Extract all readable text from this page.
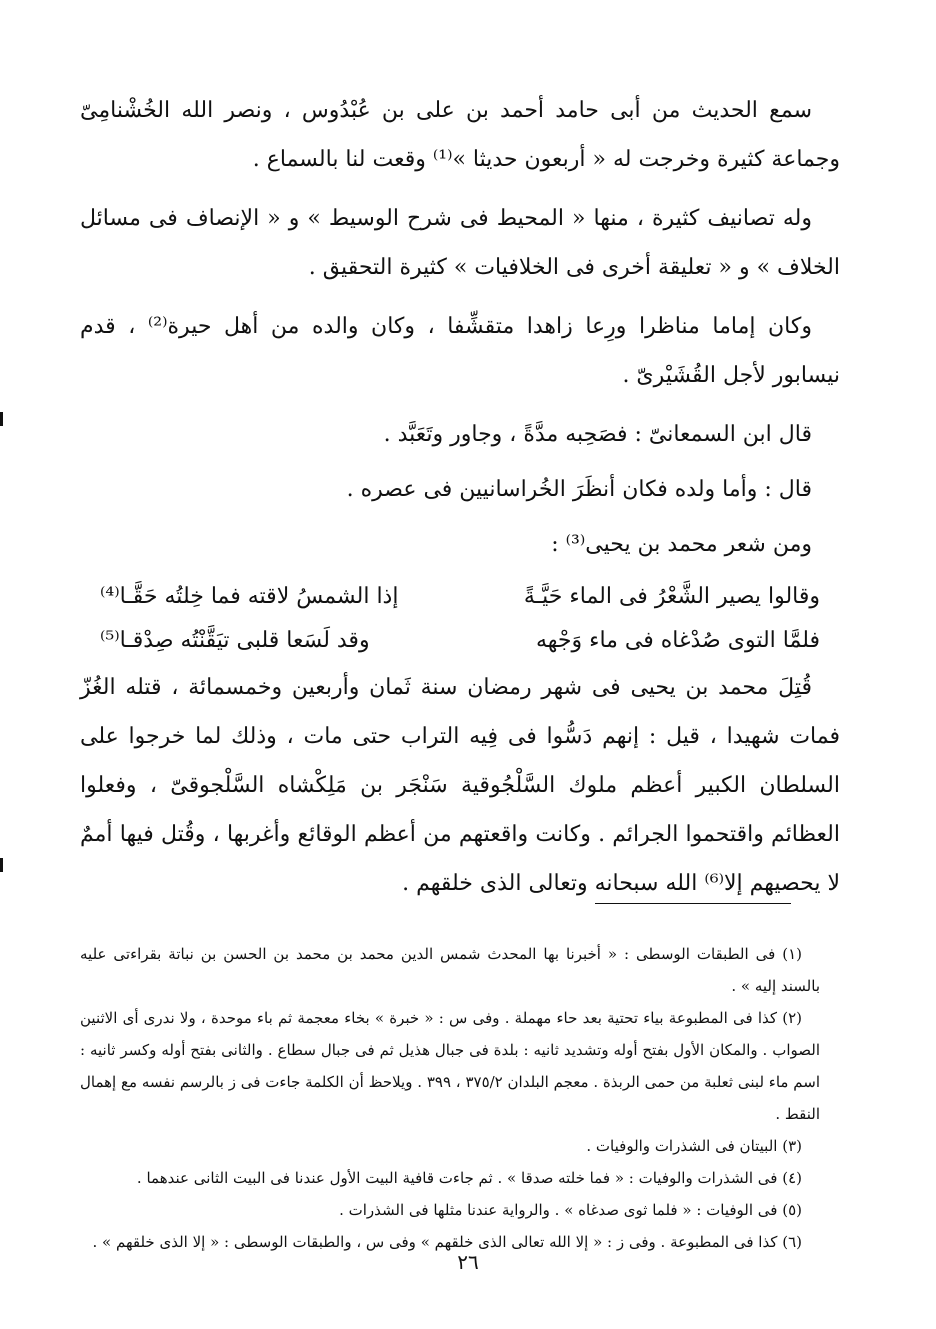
سمع الحديث من أبى حامد أحمد بن على بن عُبْدُوس ، ونصر الله الخُشْنامِىّ وجماعة كثيرة وخرجت له « أربعون حديثا »⁽¹⁾ وقعت لنا بالسماع .

وله تصانيف كثيرة ، منها « المحيط فى شرح الوسيط » و « الإنصاف فى مسائل الخلاف » و « تعليقة أخرى فى الخلافيات » كثيرة التحقيق .

وكان إماما مناظرا ورِعا زاهدا متقشِّفا ، وكان والده من أهل حيرة⁽²⁾ ، قدم نيسابور لأجل القُشَيْرىّ .

قال ابن السمعانىّ : فصَحِبه مدَّةً ، وجاور وتَعَبَّد .

قال : وأما ولده فكان أنظَرَ الخُراسانيين فى عصره .

ومن شعر محمد بن يحيى⁽³⁾ :

وقالوا يصير الشَّعْرُ فى الماء حَيَّـةً
إذا الشمسُ لاقته فما خِلتُه حَقَّـا⁽⁴⁾
فلمَّا التوى صُدْغاه فى ماء وَجْهه
وقد لَسَعا قلبى تيَقَّنْتُه صِدْقـا⁽⁵⁾

قُتِلَ محمد بن يحيى فى شهر رمضان سنة ثَمان وأربعين وخمسمائة ، قتله الغُزّ فمات شهيدا ، قيل : إنهم دَسُّوا فى فِيه التراب حتى مات ، وذلك لما خرجوا على السلطان الكبير أعظم ملوك السَّلْجُوقية سَنْجَر بن مَلِكْشاه السَّلْجوقىّ ، وفعلوا العظائم واقتحموا الجرائم . وكانت واقعتهم من أعظم الوقائع وأغربها ، وقُتل فيها أممٌ لا يحصيهم إلا⁽⁶⁾ الله سبحانه وتعالى الذى خلقهم .

(١) فى الطبقات الوسطى : « أخبرنا بها المحدث شمس الدين محمد بن محمد بن الحسن بن نباتة بقراءتى عليه بالسند إليه » .

(٢) كذا فى المطبوعة بياء تحتية بعد حاء مهملة . وفى س : « خبرة » بخاء معجمة ثم باء موحدة ، ولا ندرى أى الاثنين الصواب . والمكان الأول بفتح أوله وتشديد ثانيه : بلدة فى جبال هذيل ثم فى جبال سطاع . والثانى بفتح أوله وكسر ثانيه : اسم ماء لبنى ثعلبة من حمى الربذة . معجم البلدان ٣٧٥/٢ ، ٣٩٩ . ويلاحظ أن الكلمة جاءت فى ز بالرسم نفسه مع إهمال النقط .

(٣) البيتان فى الشذرات والوفيات .

(٤) فى الشذرات والوفيات : « فما خلته صدقا » . ثم جاءت قافية البيت الأول عندنا فى البيت الثانى عندهما .

(٥) فى الوفيات : « فلما ثوى صدغاه » . والرواية عندنا مثلها فى الشذرات .

(٦) كذا فى المطبوعة . وفى ز : « إلا الله تعالى الذى خلقهم » وفى س ، والطبقات الوسطى : « إلا الذى خلقهم » .

٢٦
